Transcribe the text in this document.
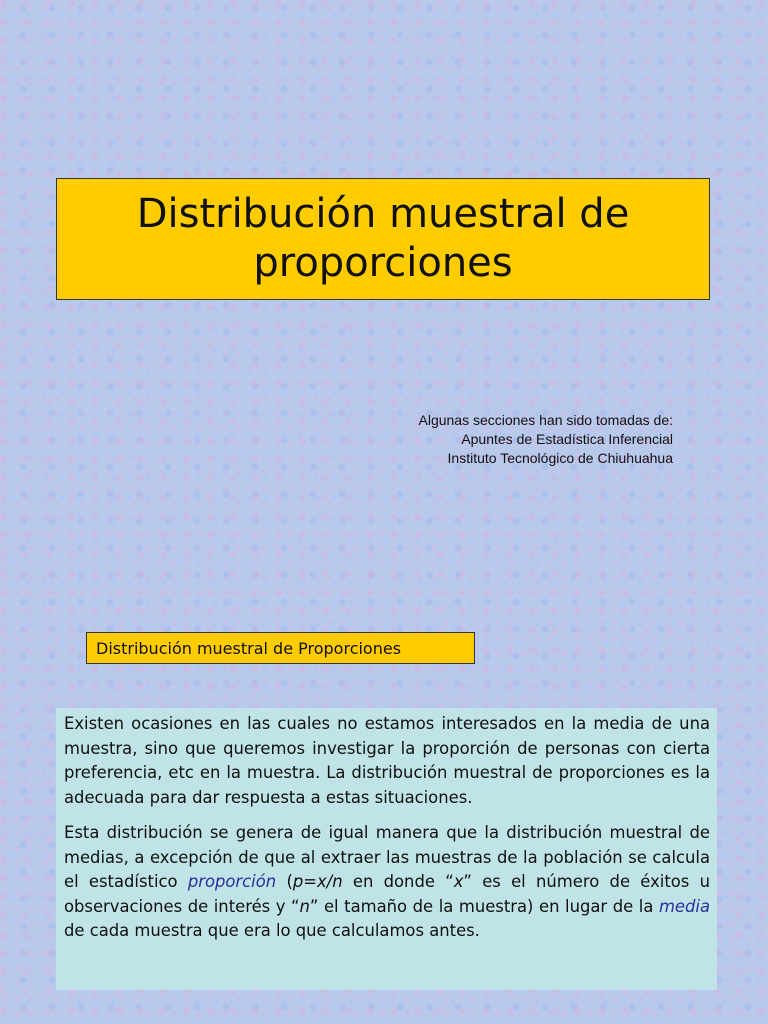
Distribución muestral de
proporciones
Algunas secciones han sido tomadas de:
Apuntes de Estadística Inferencial
Instituto Tecnológico de Chiuhuahua
Distribución muestral de Proporciones

Existen ocasiones en las cuales no estamos interesados en la media de una muestra, sino que queremos investigar la proporción de personas con cierta preferencia, etc en la muestra. La distribución muestral de proporciones es la adecuada para dar respuesta a estas situaciones.

Esta distribución se genera de igual manera que la distribución muestral de medias, a excepción de que al extraer las muestras de la población se calcula el estadístico proporción (p=x/n en donde “x” es el número de éxitos u observaciones de interés y “n” el tamaño de la muestra) en lugar de la media de cada muestra que era lo que calculamos antes.
